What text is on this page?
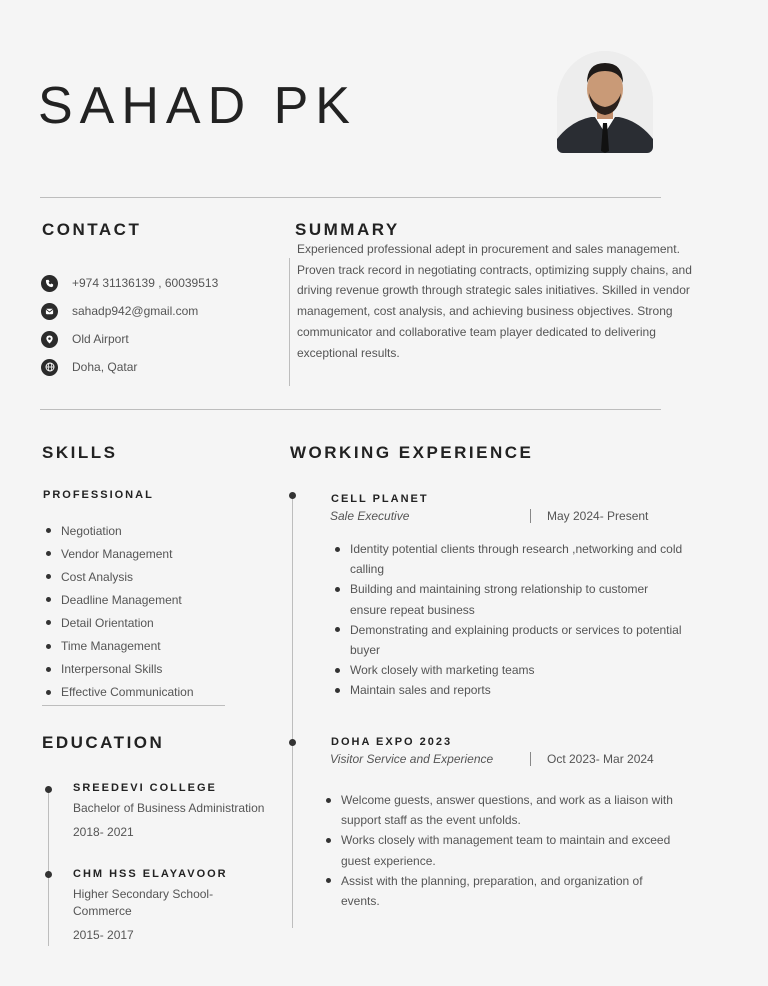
SAHAD PK
CONTACT
+974 31136139 , 60039513
sahadp942@gmail.com
Old Airport
Doha, Qatar
SUMMARY
Experienced professional adept in procurement and sales management. Proven track record in negotiating contracts, optimizing supply chains, and driving revenue growth through strategic sales initiatives. Skilled in vendor management, cost analysis, and achieving business objectives. Strong communicator and collaborative team player dedicated to delivering exceptional results.
SKILLS
PROFESSIONAL
Negotiation
Vendor Management
Cost Analysis
Deadline Management
Detail Orientation
Time Management
Interpersonal Skills
Effective Communication
WORKING EXPERIENCE
CELL PLANET
Sale Executive	May 2024- Present
Identity potential clients through research ,networking and cold calling
Building and maintaining strong relationship to customer ensure repeat business
Demonstrating and explaining products or services to potential buyer
Work closely with marketing teams
Maintain sales and reports
DOHA EXPO 2023
Visitor Service and Experience	Oct 2023- Mar 2024
Welcome guests, answer questions, and work as a liaison with support staff as the event unfolds.
Works closely with management team to maintain and exceed guest experience.
Assist with the planning, preparation, and organization of events.
EDUCATION
SREEDEVI COLLEGE
Bachelor of Business Administration
2018- 2021
CHM HSS ELAYAVOOR
Higher Secondary School-Commerce
2015- 2017
